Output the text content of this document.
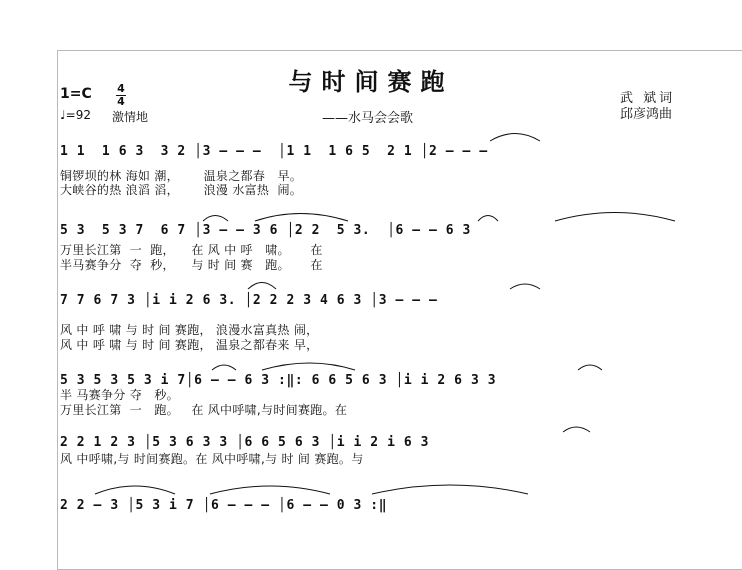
与时间赛跑
——水马会会歌
1=C 4
4
♩=92 激情地
武 斌词
邱彦鸿曲
1 1  1 6 3  3 2 │3 – – –  │1 1  1 6 5  2 1 │2 – – –
铜锣坝的林 海如 潮，      温泉之都春   早。
大峡谷的热 浪滔 滔，      浪漫 水富热  闹。
5 3  5 3 7  6 7 │3 – – 3 6 │2 2  5 3.  │6 – – 6 3
万里长江第  一  跑，    在 风 中 呼   啸。     在
半马赛争分  夺  秒，    与 时 间 赛   跑。     在
7 7 6 7 3 │i i 2 6 3. │2 2 2 3 4 6 3 │3 – – –
风 中 呼 啸 与 时 间 赛跑， 浪漫水富真热 闹，
风 中 呼 啸 与 时 间 赛跑， 温泉之都春来 早，
5 3 5 3 5 3 i 7│6 – – 6 3 :‖: 6 6 5 6 3 │i i 2 6 3 3
半 马赛争分 夺   秒。
万里长江第  一   跑。   在 风中呼啸,与时间赛跑。在
2 2 1 2 3 │5 3 6 3 3 │6 6 5 6 3 │i i 2 i 6 3
风 中呼啸,与 时间赛跑。在 风中呼啸,与 时 间 赛跑。与
2 2 – 3 │5 3 i 7 │6 – – – │6 – – 0 3 :‖
